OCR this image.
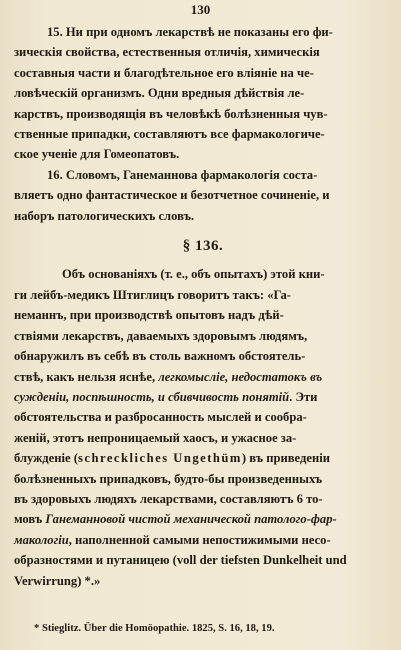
130

15. Ни при одномъ лекарствѣ не показаны его фи-
зическія свойства, естественныя отличія, химическія
составныя части и благодѣтельное его вліяніе на че-
ловѣческій организмъ. Одни вредныя дѣйствія ле-
карствъ, производящія въ человѣкѣ болѣзненныя чув-
ственные припадки, составляютъ все фармакологиче-
ское ученіе для Гомеопатовъ.

16. Словомъ, Ганеманнова фармакологія соста-
вляетъ одно фантастическое и безотчетное сочиненіе, и
наборъ патологическихъ словъ.

§ 136.

Объ основаніяхъ (т. е., объ опытахъ) этой кни-
ги лейбъ-медикъ Штиглицъ говоритъ такъ: «Га-
неманнъ, при производствѣ опытовъ надъ дѣй-
ствіями лекарствъ, даваемыхъ здоровымъ людямъ,
обнаружилъ въ себѣ въ столь важномъ обстоятель-
ствѣ, какъ нельзя яснѣе, легкомысліе, недостатокъ въ
сужденіи, поспѣшность, и сбивчивость понятій. Эти
обстоятельства и разбросанность мыслей и сообра-
женій, этотъ непроницаемый хаосъ, и ужасное за-
блужденіе (schreckliches Ungethüm) въ приведеніи
болѣзненныхъ припадковъ, будто-бы произведенныхъ
въ здоровыхъ людяхъ лекарствами, составляютъ 6 то-
мовъ Ганеманновой чистой механической патолого-фар-
макологіи, наполненной самыми непостижимыми несо-
образностями и путаницею (voll der tiefsten Dunkelheit und
Verwirrung) *.»

* Stieglitz. Über die Homöopathie. 1825, S. 16, 18, 19.
